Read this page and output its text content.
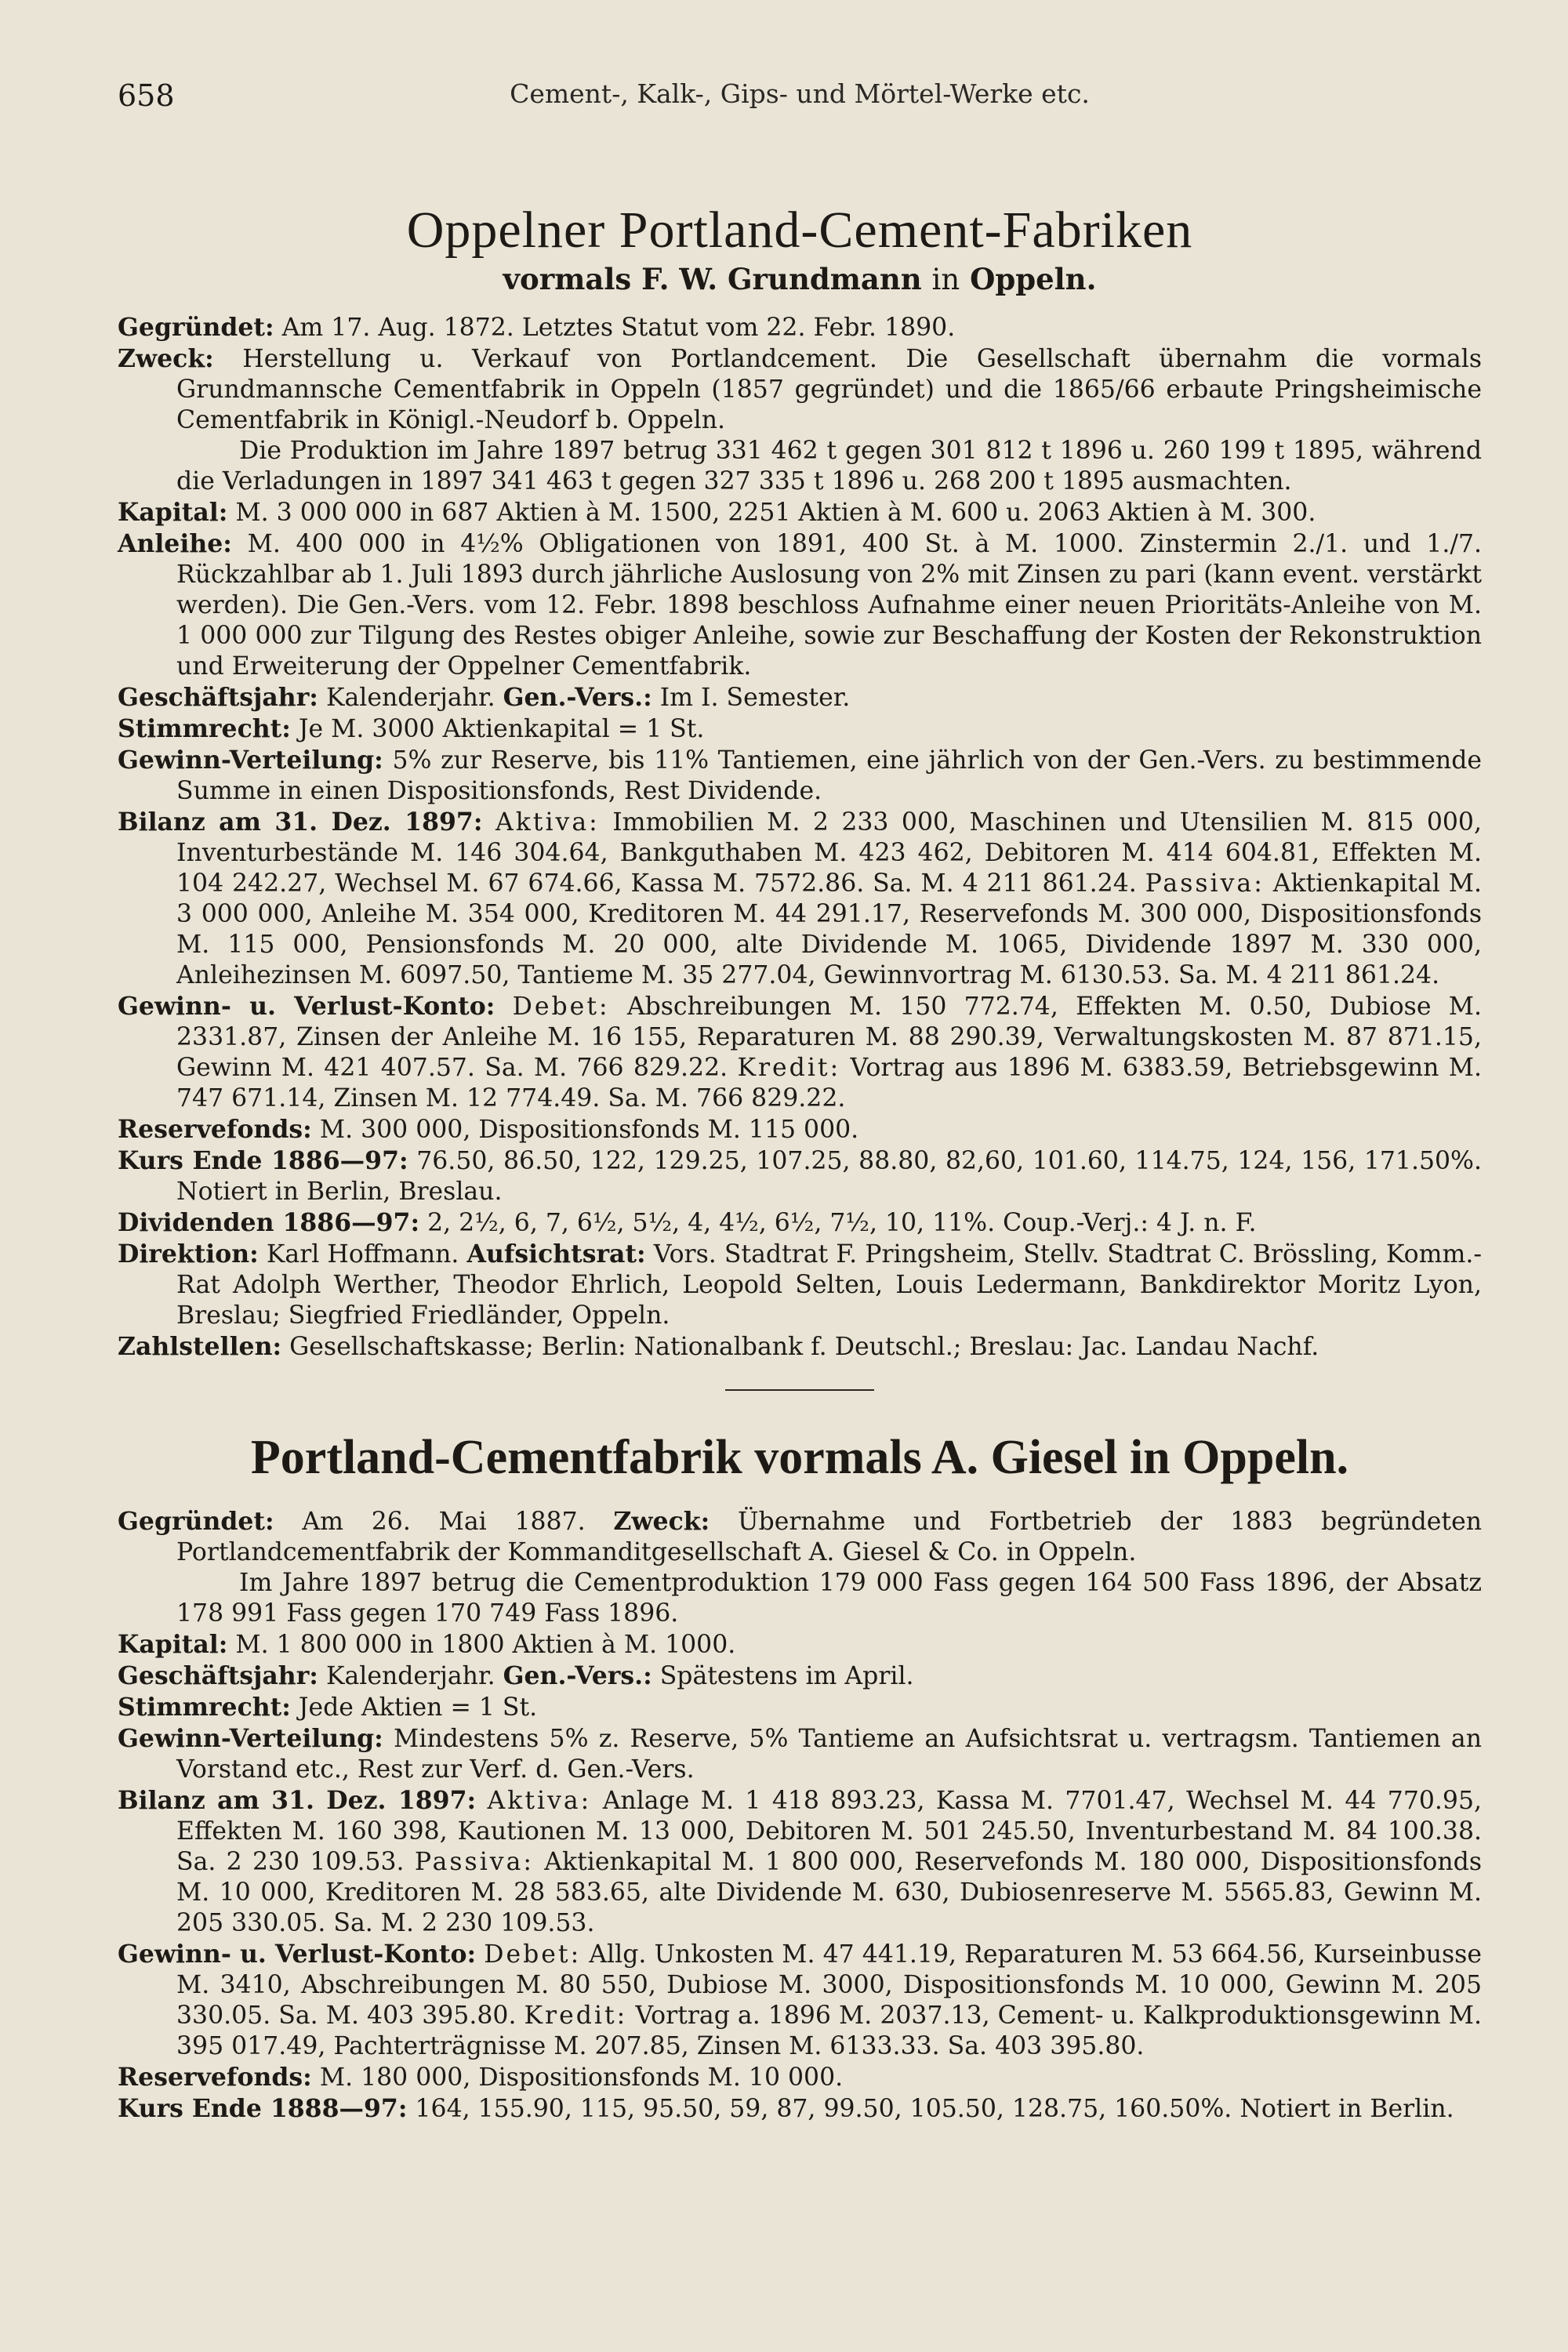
658	Cement-, Kalk-, Gips- und Mörtel-Werke etc.
Oppelner Portland-Cement-Fabriken
vormals F. W. Grundmann in Oppeln.

Gegründet: Am 17. Aug. 1872. Letztes Statut vom 22. Febr. 1890.

Zweck: Herstellung u. Verkauf von Portlandcement. Die Gesellschaft übernahm die vormals Grundmannsche Cementfabrik in Oppeln (1857 gegründet) und die 1865/66 erbaute Pringsheimische Cementfabrik in Königl.-Neudorf b. Oppeln.

Die Produktion im Jahre 1897 betrug 331 462 t gegen 301 812 t 1896 u. 260 199 t 1895, während die Verladungen in 1897 341 463 t gegen 327 335 t 1896 u. 268 200 t 1895 ausmachten.

Kapital: M. 3 000 000 in 687 Aktien à M. 1500, 2251 Aktien à M. 600 u. 2063 Aktien à M. 300.

Anleihe: M. 400 000 in 4½% Obligationen von 1891, 400 St. à M. 1000. Zinstermin 2./1. und 1./7. Rückzahlbar ab 1. Juli 1893 durch jährliche Auslosung von 2% mit Zinsen zu pari (kann event. verstärkt werden). Die Gen.-Vers. vom 12. Febr. 1898 beschloss Aufnahme einer neuen Prioritäts-Anleihe von M. 1 000 000 zur Tilgung des Restes obiger Anleihe, sowie zur Beschaffung der Kosten der Rekonstruktion und Erweiterung der Oppelner Cementfabrik.

Geschäftsjahr: Kalenderjahr. Gen.-Vers.: Im I. Semester.

Stimmrecht: Je M. 3000 Aktienkapital = 1 St.

Gewinn-Verteilung: 5% zur Reserve, bis 11% Tantiemen, eine jährlich von der Gen.-Vers. zu bestimmende Summe in einen Dispositionsfonds, Rest Dividende.

Bilanz am 31. Dez. 1897: Aktiva: Immobilien M. 2 233 000, Maschinen und Utensilien M. 815 000, Inventurbestände M. 146 304.64, Bankguthaben M. 423 462, Debitoren M. 414 604.81, Effekten M. 104 242.27, Wechsel M. 67 674.66, Kassa M. 7572.86. Sa. M. 4 211 861.24. Passiva: Aktienkapital M. 3 000 000, Anleihe M. 354 000, Kreditoren M. 44 291.17, Reservefonds M. 300 000, Dispositionsfonds M. 115 000, Pensionsfonds M. 20 000, alte Dividende M. 1065, Dividende 1897 M. 330 000, Anleihezinsen M. 6097.50, Tantieme M. 35 277.04, Gewinnvortrag M. 6130.53. Sa. M. 4 211 861.24.

Gewinn- u. Verlust-Konto: Debet: Abschreibungen M. 150 772.74, Effekten M. 0.50, Dubiose M. 2331.87, Zinsen der Anleihe M. 16 155, Reparaturen M. 88 290.39, Verwaltungskosten M. 87 871.15, Gewinn M. 421 407.57. Sa. M. 766 829.22. Kredit: Vortrag aus 1896 M. 6383.59, Betriebsgewinn M. 747 671.14, Zinsen M. 12 774.49. Sa. M. 766 829.22.

Reservefonds: M. 300 000, Dispositionsfonds M. 115 000.

Kurs Ende 1886—97: 76.50, 86.50, 122, 129.25, 107.25, 88.80, 82,60, 101.60, 114.75, 124, 156, 171.50%. Notiert in Berlin, Breslau.

Dividenden 1886—97: 2, 2½, 6, 7, 6½, 5½, 4, 4½, 6½, 7½, 10, 11%. Coup.-Verj.: 4 J. n. F.

Direktion: Karl Hoffmann. Aufsichtsrat: Vors. Stadtrat F. Pringsheim, Stellv. Stadtrat C. Brössling, Komm.-Rat Adolph Werther, Theodor Ehrlich, Leopold Selten, Louis Ledermann, Bankdirektor Moritz Lyon, Breslau; Siegfried Friedländer, Oppeln.

Zahlstellen: Gesellschaftskasse; Berlin: Nationalbank f. Deutschl.; Breslau: Jac. Landau Nachf.

Portland-Cementfabrik vormals A. Giesel in Oppeln.

Gegründet: Am 26. Mai 1887. Zweck: Übernahme und Fortbetrieb der 1883 begründeten Portlandcementfabrik der Kommanditgesellschaft A. Giesel & Co. in Oppeln.

Im Jahre 1897 betrug die Cementproduktion 179 000 Fass gegen 164 500 Fass 1896, der Absatz 178 991 Fass gegen 170 749 Fass 1896.

Kapital: M. 1 800 000 in 1800 Aktien à M. 1000.

Geschäftsjahr: Kalenderjahr. Gen.-Vers.: Spätestens im April.

Stimmrecht: Jede Aktien = 1 St.

Gewinn-Verteilung: Mindestens 5% z. Reserve, 5% Tantieme an Aufsichtsrat u. vertragsm. Tantiemen an Vorstand etc., Rest zur Verf. d. Gen.-Vers.

Bilanz am 31. Dez. 1897: Aktiva: Anlage M. 1 418 893.23, Kassa M. 7701.47, Wechsel M. 44 770.95, Effekten M. 160 398, Kautionen M. 13 000, Debitoren M. 501 245.50, Inventurbestand M. 84 100.38. Sa. 2 230 109.53. Passiva: Aktienkapital M. 1 800 000, Reservefonds M. 180 000, Dispositionsfonds M. 10 000, Kreditoren M. 28 583.65, alte Dividende M. 630, Dubiosenreserve M. 5565.83, Gewinn M. 205 330.05. Sa. M. 2 230 109.53.

Gewinn- u. Verlust-Konto: Debet: Allg. Unkosten M. 47 441.19, Reparaturen M. 53 664.56, Kurseinbusse M. 3410, Abschreibungen M. 80 550, Dubiose M. 3000, Dispositionsfonds M. 10 000, Gewinn M. 205 330.05. Sa. M. 403 395.80. Kredit: Vortrag a. 1896 M. 2037.13, Cement- u. Kalkproduktionsgewinn M. 395 017.49, Pachterträgnisse M. 207.85, Zinsen M. 6133.33. Sa. 403 395.80.

Reservefonds: M. 180 000, Dispositionsfonds M. 10 000.

Kurs Ende 1888—97: 164, 155.90, 115, 95.50, 59, 87, 99.50, 105.50, 128.75, 160.50%. Notiert in Berlin.
